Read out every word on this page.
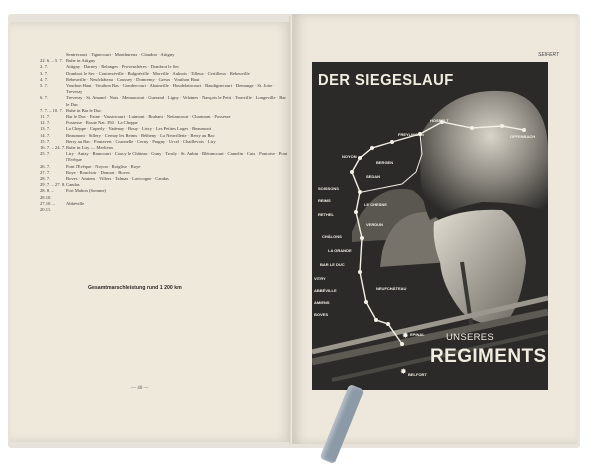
Sentrecourt · Tignecourt · Monthureux · Claudon · Attigny
22. 6. – 5. 7. Ruhe in Attigny
2. 7.	Attigny · Darney · Relanges · Provenchères · Dombrot le Sec
3. 7.	Dombrot le Sec · Contrexéville · Bulgnéville · Morville · Aulnois · Tilleux · Certilleux · Rebeuville
4. 7.	Rebeuville · Neufchâteau · Coussey · Domremy · Greux · Vouthon Haut
5. 7.	Vouthon Haut · Vouthon Bas · Gondrecourt · Abainville · Houdelaincourt · Baudignecourt · Demange · St. Joire · Treveray
6. 7.	Treveray · St. Amand · Naix · Menaucourt · Guerand · Ligny · Velaines · Nançois le Petit · Tronville · Longeville · Bar le Duc
7. 7. – 10. 7. Ruhe in Bar le Duc
11. 7.	Bar le Duc · Faine · Vassincourt · Laimont · Brabant · Nettancourt · Charmont · Possesse
12. 7.	Possesse · Route Nat. 394 · La Cheppe
13. 7.	La Cheppe · Cuperly · Vadenay · Bouy · Livry · Les Petites Loges · Beaumont
14. 7.	Beaumont · Sillery · Cernay les Reims · Bétheny · La Neuvillette · Berry au Bac
15. 7.	Berry au Bac · Pontavert · Craonelle · Cerny · Pargny · Urcel · Chaillevois · Liry
16. 7. – 24. 7. Ruhe in Liry — Merlieux
25. 7.	Liry · Anizy · Brancourt · Coucy le Château · Guny · Trosly · St. Aubin · Blérancourt · Camelin · Cuts · Pontoise · Pont l'Evêque
26. 7.	Pont l'Evêque · Noyon · Roiglise · Roye
27. 7.	Roye · Bouchoir · Domart · Boves
28. 7.	Boves · Amiens · Villers · Talmas · Lavicogne · Candas
29. 7. – 27. 8. Candas
28. 8. – 28.10.
Fort Mahon (Somme)
27.10. – 20.11.
Abbéville
Gesamtmarschleistung rund 1 200 km
— 46 —
✸
✸
DER SIEGESLAUF
OFFENBACH
HOSPELT
FREYLINGEN
BERGEN
NOYON
SEDAN
SOISSONS
REIMS
LE CHESNE
RETHEL
VERDUN
CHÂLONS
LA GRANDE
BAR LE DUC
NEUFCHÂTEAU
VITRY
EPINAL
BELFORT
ABBÉVILLE
AMIENS
BOVES
UNSERES
REGIMENTS
SEIFERT
